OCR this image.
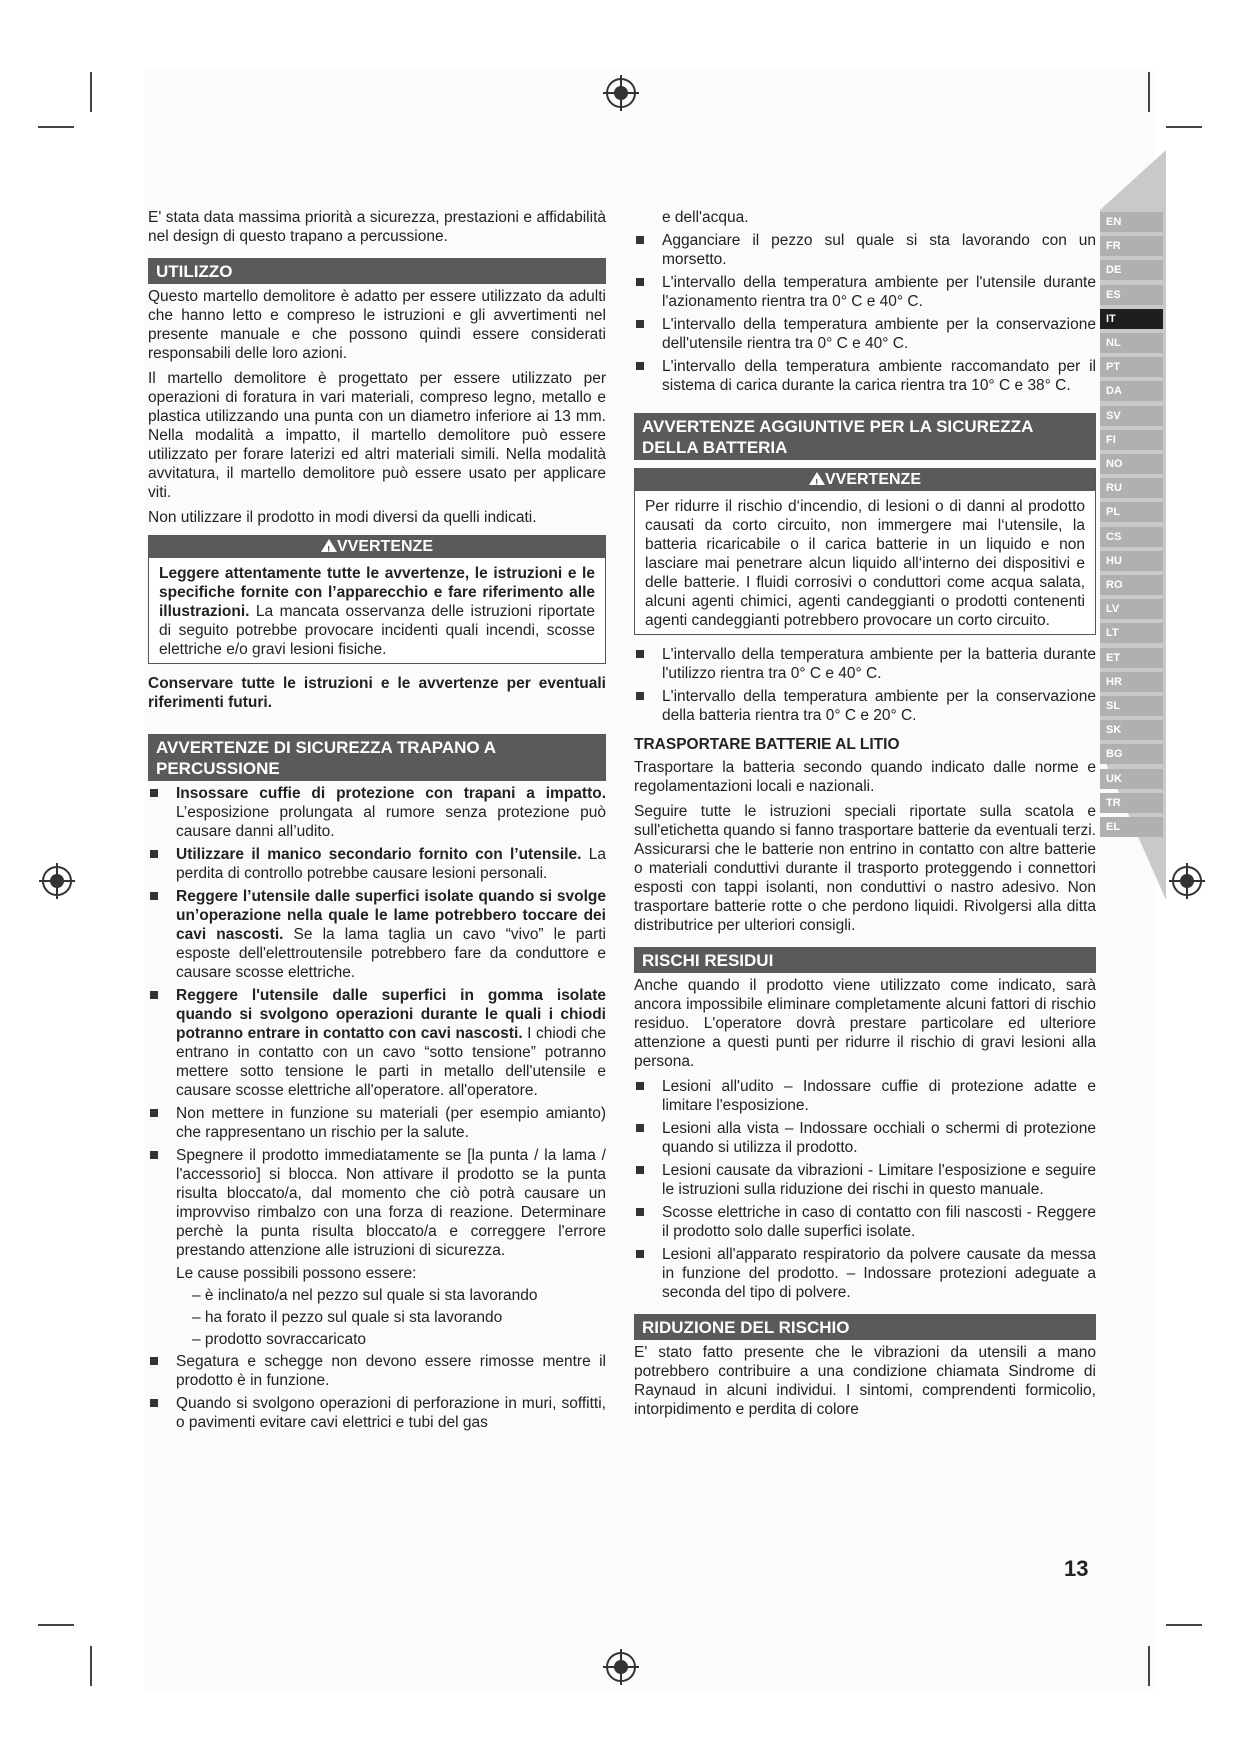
EN
FR
DE
ES
IT
NL
PT
DA
SV
FI
NO
RU
PL
CS
HU
RO
LV
LT
ET
HR
SL
SK
BG
UK
TR
EL

E' stata data massima priorità a sicurezza, prestazioni e affidabilità nel design di questo trapano a percussione.

UTILIZZO

Questo martello demolitore è adatto per essere utilizzato da adulti che hanno letto e compreso le istruzioni e gli avvertimenti nel presente manuale e che possono quindi essere considerati responsabili delle loro azioni.

Il martello demolitore è progettato per essere utilizzato per operazioni di foratura in vari materiali, compreso legno, metallo e plastica utilizzando una punta con un diametro inferiore ai 13 mm. Nella modalità a impatto, il martello demolitore può essere utilizzato per forare laterizi ed altri materiali simili. Nella modalità avvitatura, il martello demolitore può essere usato per applicare viti.

Non utilizzare il prodotto in modi diversi da quelli indicati.

! VVERTENZE

Leggere attentamente tutte le avvertenze, le istruzioni e le specifiche fornite con l’apparecchio e fare riferimento alle illustrazioni. La mancata osservanza delle istruzioni riportate di seguito potrebbe provocare incidenti quali incendi, scosse elettriche e/o gravi lesioni fisiche.

Conservare tutte le istruzioni e le avvertenze per eventuali riferimenti futuri.

AVVERTENZE DI SICUREZZA TRAPANO A PERCUSSIONE
Insossare cuffie di protezione con trapani a impatto. L’esposizione prolungata al rumore senza protezione può causare danni all’udito.
Utilizzare il manico secondario fornito con l’utensile. La perdita di controllo potrebbe causare lesioni personali.
Reggere l’utensile dalle superfici isolate quando si svolge un’operazione nella quale le lame potrebbero toccare dei cavi nascosti. Se la lama taglia un cavo “vivo” le parti esposte dell'elettroutensile potrebbero fare da conduttore e causare scosse elettriche.
Reggere l'utensile dalle superfici in gomma isolate quando si svolgono operazioni durante le quali i chiodi potranno entrare in contatto con cavi nascosti. I chiodi che entrano in contatto con un cavo “sotto tensione” potranno mettere sotto tensione le parti in metallo dell'utensile e causare scosse elettriche all'operatore. all'operatore.
Non mettere in funzione su materiali (per esempio amianto) che rappresentano un rischio per la salute.
Spegnere il prodotto immediatamente se [la punta / la lama / l'accessorio] si blocca. Non attivare il prodotto se la punta risulta bloccato/a, dal momento che ciò potrà causare un improvviso rimbalzo con una forza di reazione. Determinare perchè la punta risulta bloccato/a e correggere l'errore prestando attenzione alle istruzioni di sicurezza.
Le cause possibili possono essere:
– è inclinato/a nel pezzo sul quale si sta lavorando
– ha forato il pezzo sul quale si sta lavorando
– prodotto sovraccaricato
Segatura e schegge non devono essere rimosse mentre il prodotto è in funzione.
Quando si svolgono operazioni di perforazione in muri, soffitti, o pavimenti evitare cavi elettrici e tubi del gas
e dell'acqua.
Agganciare il pezzo sul quale si sta lavorando con un morsetto.
L'intervallo della temperatura ambiente per l'utensile durante l'azionamento rientra tra 0° C e 40° C.
L'intervallo della temperatura ambiente per la conservazione dell'utensile rientra tra 0° C e 40° C.
L'intervallo della temperatura ambiente raccomandato per il sistema di carica durante la carica rientra tra 10° C e 38° C.
AVVERTENZE AGGIUNTIVE PER LA SICUREZZA DELLA BATTERIA
! VVERTENZE

Per ridurre il rischio d‘incendio, di lesioni o di danni al prodotto causati da corto circuito, non immergere mai l‘utensile, la batteria ricaricabile o il carica batterie in un liquido e non lasciare mai penetrare alcun liquido all‘interno dei dispositivi e delle batterie. I fluidi corrosivi o conduttori come acqua salata, alcuni agenti chimici, agenti candeggianti o prodotti contenenti agenti candeggianti potrebbero provocare un corto circuito.

L'intervallo della temperatura ambiente per la batteria durante l'utilizzo rientra tra 0° C e 40° C.
L'intervallo della temperatura ambiente per la conservazione della batteria rientra tra 0° C e 20° C.
TRASPORTARE BATTERIE AL LITIO

Trasportare la batteria secondo quando indicato dalle norme e regolamentazioni locali e nazionali.

Seguire tutte le istruzioni speciali riportate sulla scatola e sull'etichetta quando si fanno trasportare batterie da eventuali terzi. Assicurarsi che le batterie non entrino in contatto con altre batterie o materiali conduttivi durante il trasporto proteggendo i connettori esposti con tappi isolanti, non conduttivi o nastro adesivo. Non trasportare batterie rotte o che perdono liquidi. Rivolgersi alla ditta distributrice per ulteriori consigli.

RISCHI RESIDUI

Anche quando il prodotto viene utilizzato come indicato, sarà ancora impossibile eliminare completamente alcuni fattori di rischio residuo. L'operatore dovrà prestare particolare ed ulteriore attenzione a questi punti per ridurre il rischio di gravi lesioni alla persona.

Lesioni all'udito – Indossare cuffie di protezione adatte e limitare l'esposizione.
Lesioni alla vista – Indossare occhiali o schermi di protezione quando si utilizza il prodotto.
Lesioni causate da vibrazioni - Limitare l'esposizione e seguire le istruzioni sulla riduzione dei rischi in questo manuale.
Scosse elettriche in caso di contatto con fili nascosti - Reggere il prodotto solo dalle superfici isolate.
Lesioni all'apparato respiratorio da polvere causate da messa in funzione del prodotto. – Indossare protezioni adeguate a seconda del tipo di polvere.
RIDUZIONE DEL RISCHIO

E' stato fatto presente che le vibrazioni da utensili a mano potrebbero contribuire a una condizione chiamata Sindrome di Raynaud in alcuni individui. I sintomi, comprendenti formicolio, intorpidimento e perdita di colore

13
